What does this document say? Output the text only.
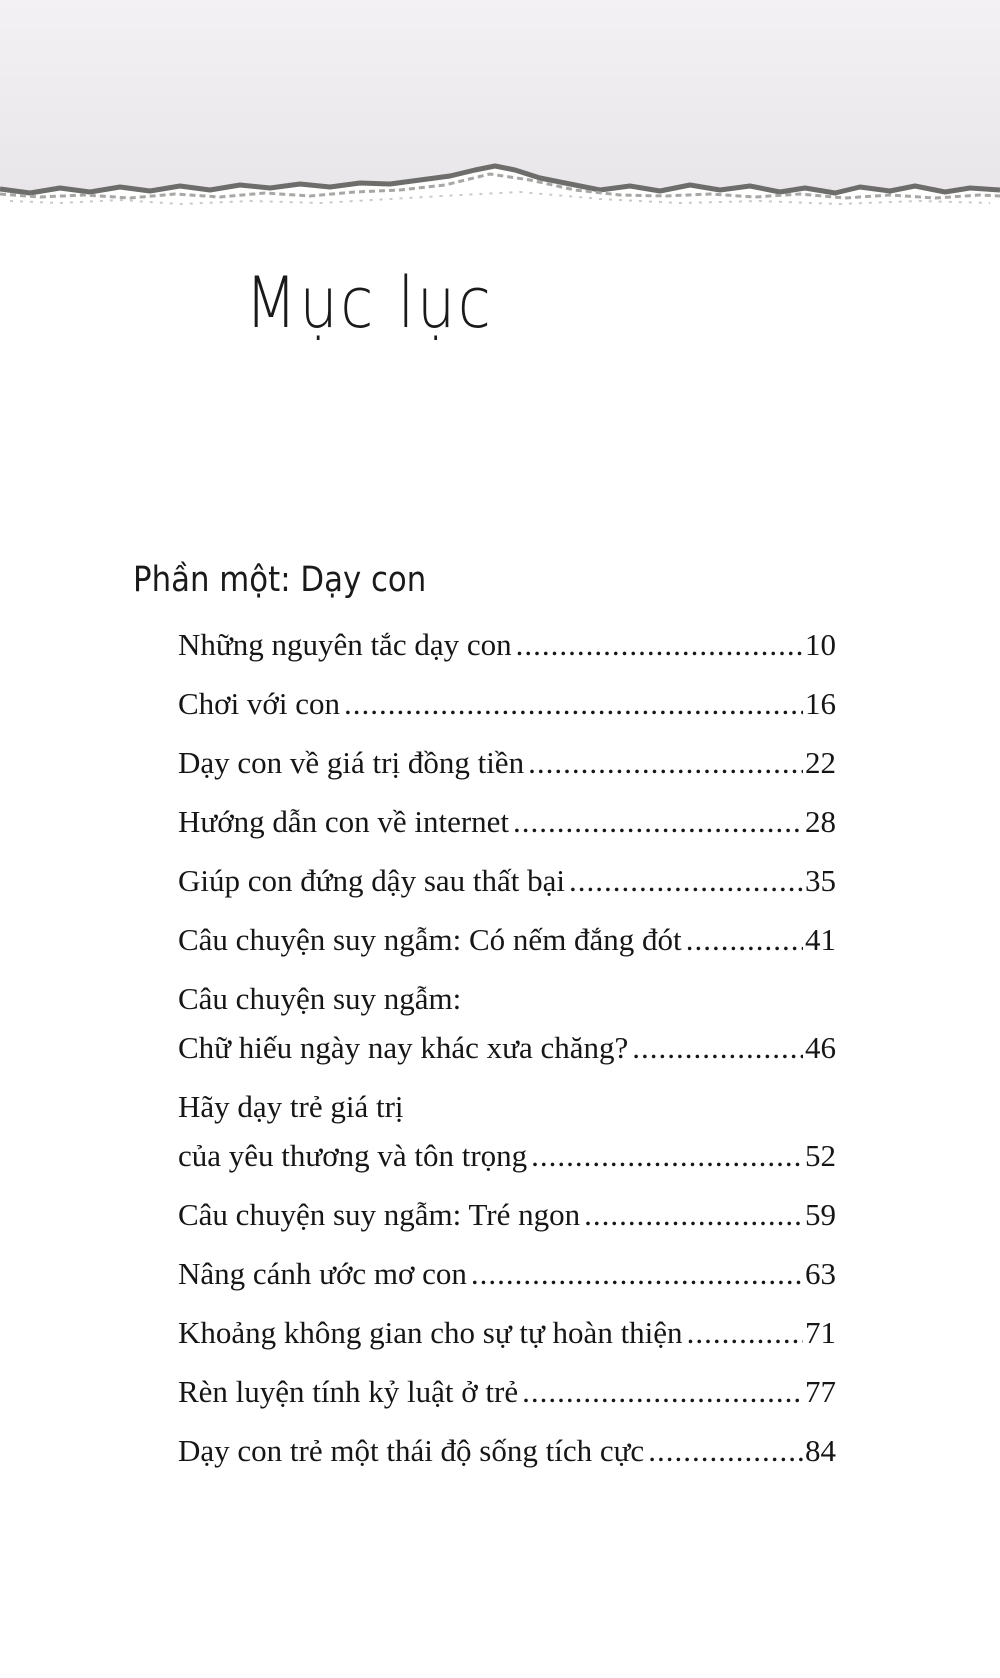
Mục lục
Phần một: Dạy con
Những nguyên tắc dạy con .....	10
Chơi với con .....	16
Dạy con về giá trị đồng tiền .....	22
Hướng dẫn con về internet .....	28
Giúp con đứng dậy sau thất bại .....	35
Câu chuyện suy ngẫm: Có nếm đắng đót .....	41
Câu chuyện suy ngẫm:
Chữ hiếu ngày nay khác xưa chăng? .....	46
Hãy dạy trẻ giá trị
của yêu thương và tôn trọng .....	52
Câu chuyện suy ngẫm: Tré ngon .....	59
Nâng cánh ước mơ con .....	63
Khoảng không gian cho sự tự hoàn thiện .....	71
Rèn luyện tính kỷ luật ở trẻ .....	77
Dạy con trẻ một thái độ sống tích cực .....	84
